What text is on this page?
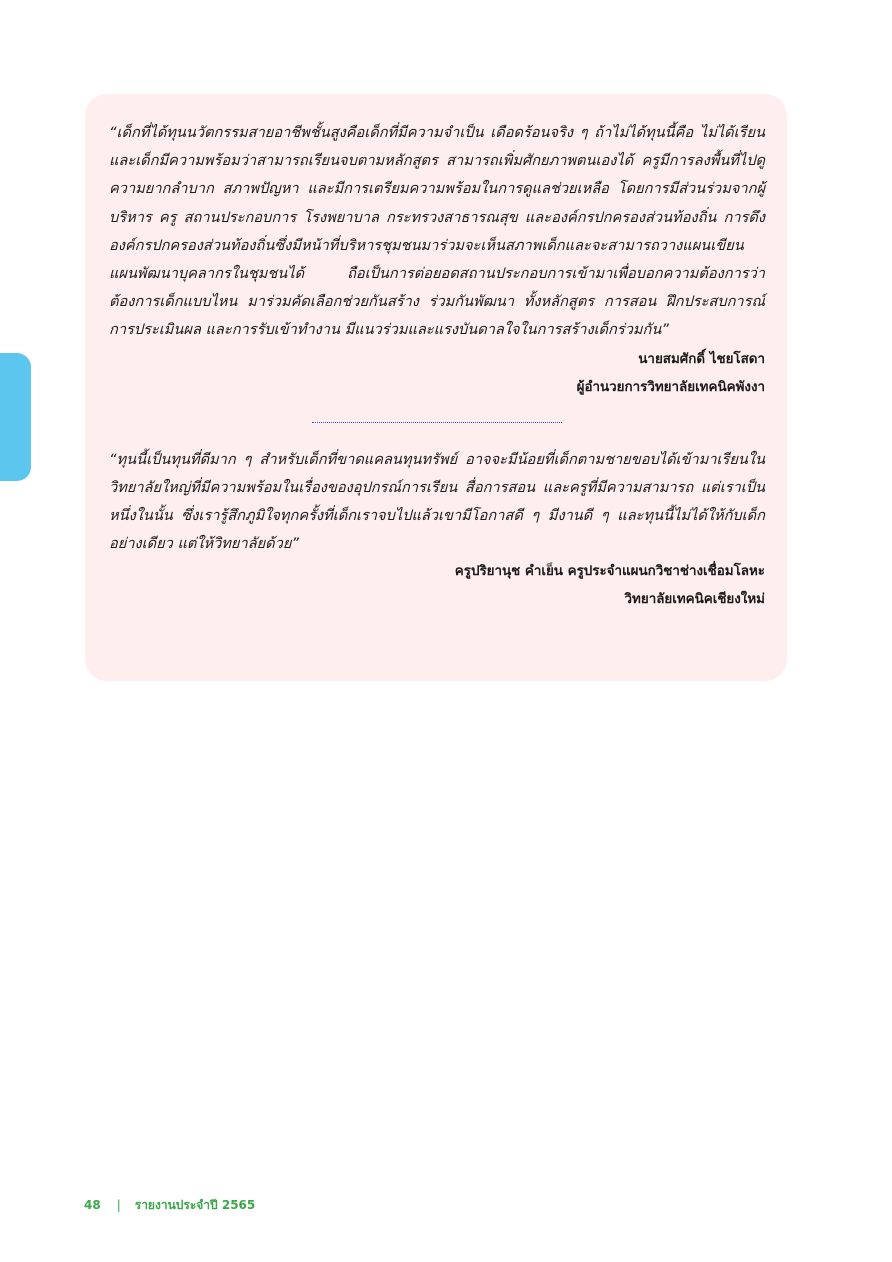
“เด็กที่ได้ทุนนวัตกรรมสายอาชีพชั้นสูงคือเด็กที่มีความจำเป็น เดือดร้อนจริง ๆ ถ้าไม่ได้ทุนนี้คือ ไม่ได้เรียน และเด็กมีความพร้อมว่าสามารถเรียนจบตามหลักสูตร สามารถเพิ่มศักยภาพตนเองได้ ครูมีการลงพื้นที่ไปดูความยากลำบาก สภาพปัญหา และมีการเตรียมความพร้อมในการดูแลช่วยเหลือ โดยการมีส่วนร่วมจากผู้บริหาร ครู สถานประกอบการ โรงพยาบาล กระทรวงสาธารณสุข และองค์กรปกครองส่วนท้องถิ่น การดึงองค์กรปกครองส่วนท้องถิ่นซึ่งมีหน้าที่บริหารชุมชนมาร่วมจะเห็นสภาพเด็กและจะสามารถวางแผนเขียนแผนพัฒนาบุคลากรในชุมชนได้ ถือเป็นการต่อยอดสถานประกอบการเข้ามาเพื่อบอกความต้องการว่าต้องการเด็กแบบไหน มาร่วมคัดเลือกช่วยกันสร้าง ร่วมกันพัฒนา ทั้งหลักสูตร การสอน ฝึกประสบการณ์ การประเมินผล และการรับเข้าทำงาน มีแนวร่วมและแรงบันดาลใจในการสร้างเด็กร่วมกัน”

นายสมศักดิ์ ไชยโสดา

ผู้อำนวยการวิทยาลัยเทคนิคพังงา

“ทุนนี้เป็นทุนที่ดีมาก ๆ สำหรับเด็กที่ขาดแคลนทุนทรัพย์ อาจจะมีน้อยที่เด็กตามชายขอบได้เข้ามาเรียนในวิทยาลัยใหญ่ที่มีความพร้อมในเรื่องของอุปกรณ์การเรียน สื่อการสอน และครูที่มีความสามารถ แต่เราเป็นหนึ่งในนั้น ซึ่งเรารู้สึกภูมิใจทุกครั้งที่เด็กเราจบไปแล้วเขามีโอกาสดี ๆ มีงานดี ๆ และทุนนี้ไม่ได้ให้กับเด็กอย่างเดียว แต่ให้วิทยาลัยด้วย”

ครูปริยานุช คำเย็น ครูประจำแผนกวิชาช่างเชื่อมโลหะ

วิทยาลัยเทคนิคเชียงใหม่

48 | รายงานประจำปี 2565
